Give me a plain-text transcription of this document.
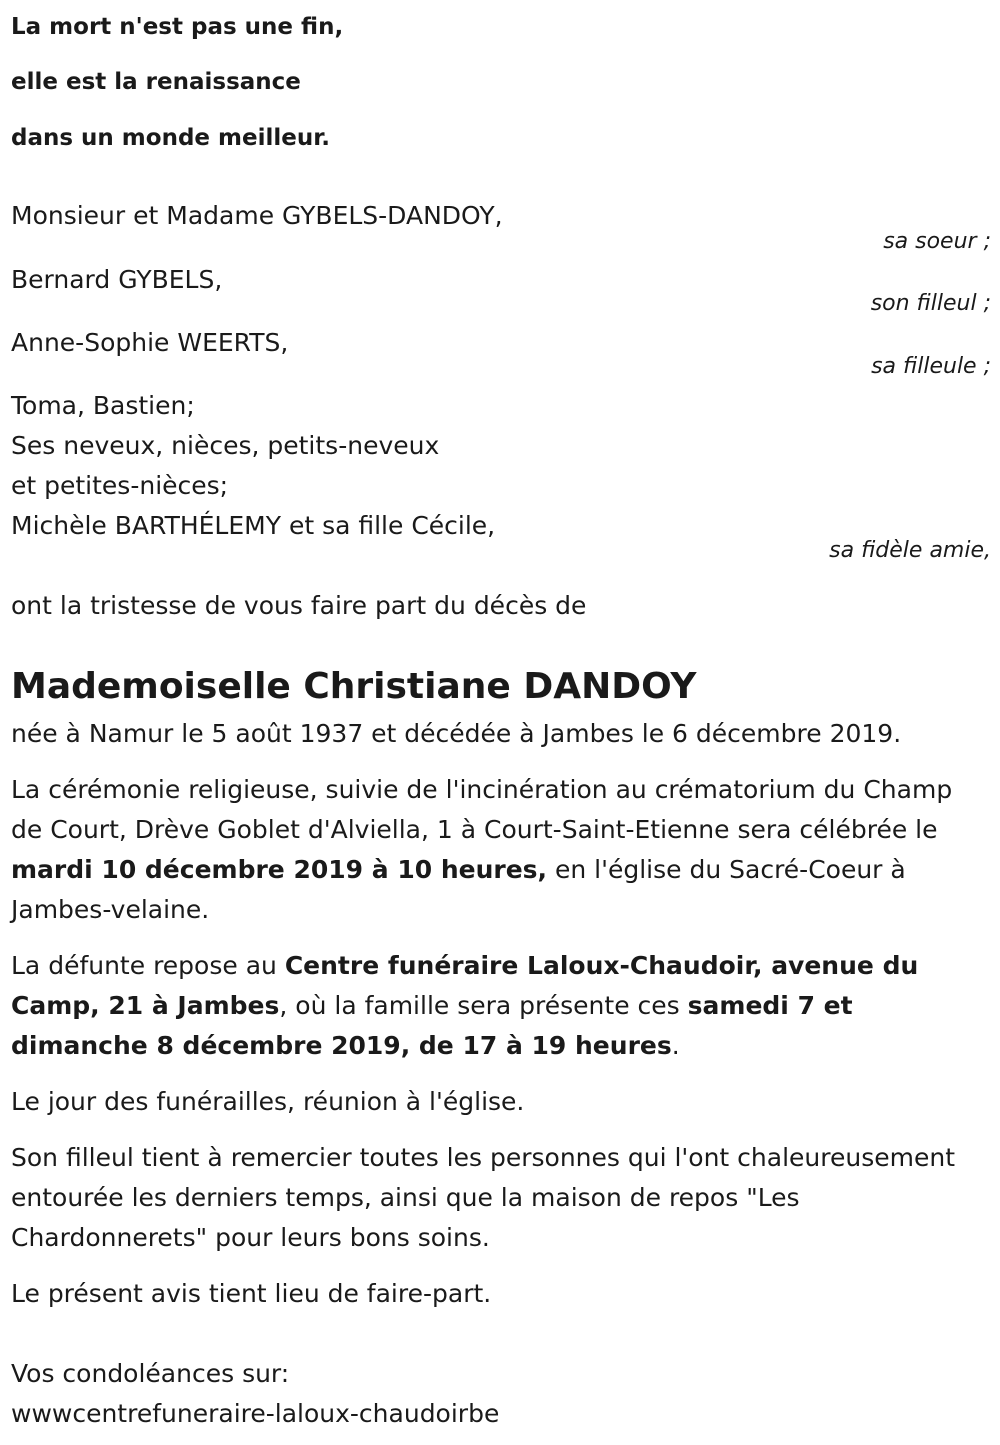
La mort n'est pas une fin,
elle est la renaissance
dans un monde meilleur.
Monsieur et Madame GYBELS-DANDOY,
sa soeur ;
Bernard GYBELS,
son filleul ;
Anne-Sophie WEERTS,
sa filleule ;
Toma, Bastien;
Ses neveux, nièces, petits-neveux
et petites-nièces;
Michèle BARTHÉLEMY et sa fille Cécile,
sa fidèle amie,
ont la tristesse de vous faire part du décès de
Mademoiselle Christiane DANDOY
née à Namur le 5 août 1937 et décédée à Jambes le 6 décembre 2019.
La cérémonie religieuse, suivie de l'incinération au crématorium du Champ de Court, Drève Goblet d'Alviella, 1 à Court-Saint-Etienne sera célébrée le mardi 10 décembre 2019 à 10 heures, en l'église du Sacré-Coeur à Jambes-velaine.
La défunte repose au Centre funéraire Laloux-Chaudoir, avenue du Camp, 21 à Jambes, où la famille sera présente ces samedi 7 et dimanche 8 décembre 2019, de 17 à 19 heures.
Le jour des funérailles, réunion à l'église.
Son filleul tient à remercier toutes les personnes qui l'ont chaleureusement entourée les derniers temps, ainsi que la maison de repos "Les Chardonnerets" pour leurs bons soins.
Le présent avis tient lieu de faire-part.
Vos condoléances sur:
wwwcentrefuneraire-laloux-chaudoirbe
